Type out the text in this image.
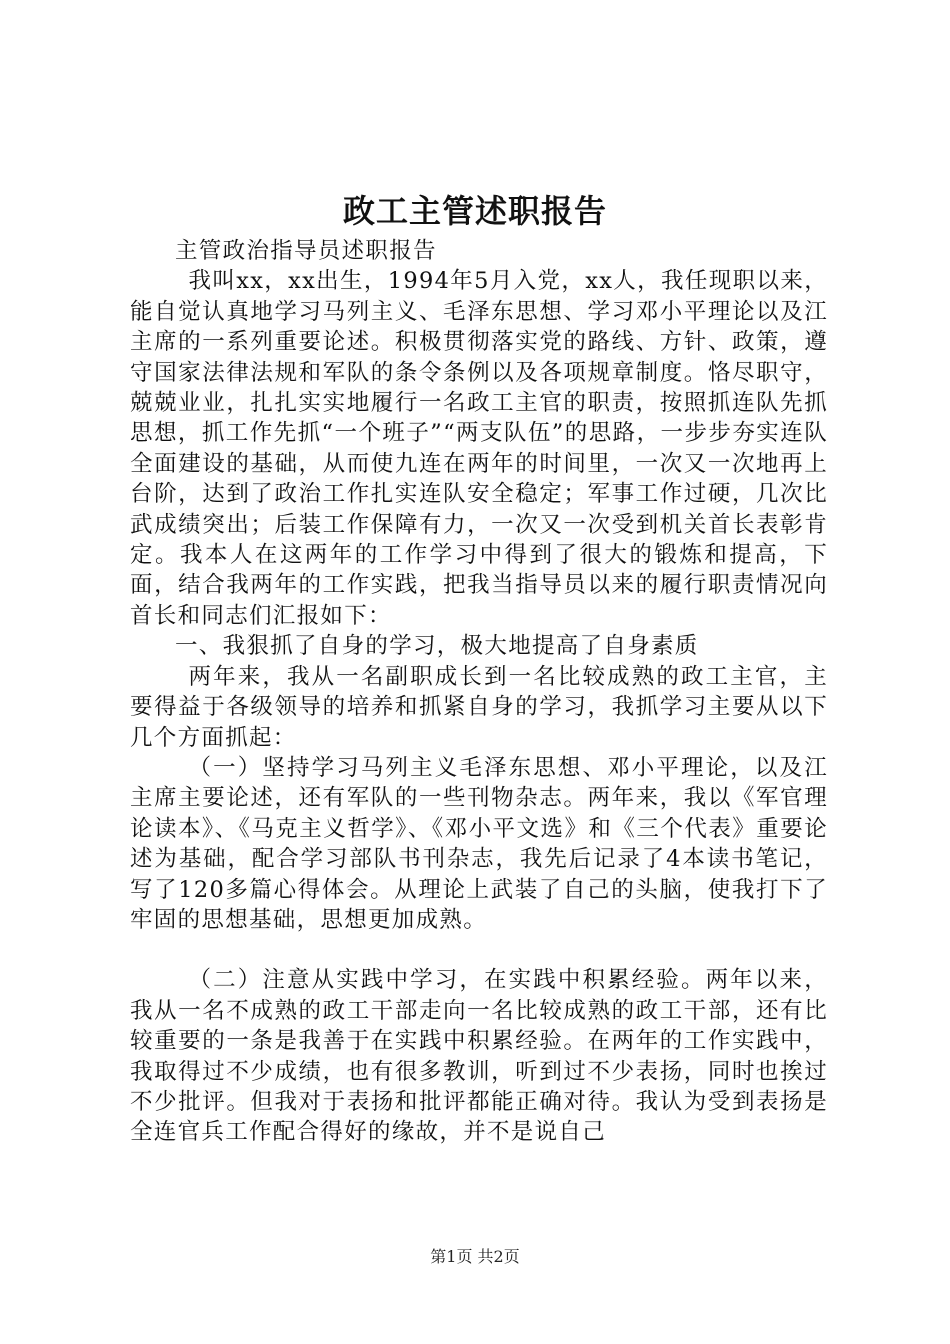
政工主管述职报告

主管政治指导员述职报告

我叫xx，xx出生，1994年5月入党，xx人，我任现职以来，能自觉认真地学习马列主义、毛泽东思想、学习邓小平理论以及江主席的一系列重要论述。积极贯彻落实党的路线、方针、政策，遵守国家法律法规和军队的条令条例以及各项规章制度。恪尽职守，兢兢业业，扎扎实实地履行一名政工主官的职责，按照抓连队先抓思想，抓工作先抓“一个班子”“两支队伍”的思路，一步步夯实连队全面建设的基础，从而使九连在两年的时间里，一次又一次地再上台阶，达到了政治工作扎实连队安全稳定；军事工作过硬，几次比武成绩突出；后装工作保障有力，一次又一次受到机关首长表彰肯定。我本人在这两年的工作学习中得到了很大的锻炼和提高，下面，结合我两年的工作实践，把我当指导员以来的履行职责情况向首长和同志们汇报如下：

一、我狠抓了自身的学习，极大地提高了自身素质

两年来，我从一名副职成长到一名比较成熟的政工主官，主要得益于各级领导的培养和抓紧自身的学习，我抓学习主要从以下几个方面抓起：

（一）坚持学习马列主义毛泽东思想、邓小平理论，以及江主席主要论述，还有军队的一些刊物杂志。两年来，我以《军官理论读本》、《马克主义哲学》、《邓小平文选》和《三个代表》重要论述为基础，配合学习部队书刊杂志，我先后记录了4本读书笔记，写了120多篇心得体会。从理论上武装了自己的头脑，使我打下了牢固的思想基础，思想更加成熟。

（二）注意从实践中学习，在实践中积累经验。两年以来，我从一名不成熟的政工干部走向一名比较成熟的政工干部，还有比较重要的一条是我善于在实践中积累经验。在两年的工作实践中，我取得过不少成绩，也有很多教训，听到过不少表扬，同时也挨过不少批评。但我对于表扬和批评都能正确对待。我认为受到表扬是全连官兵工作配合得好的缘故，并不是说自己

第1页 共2页
